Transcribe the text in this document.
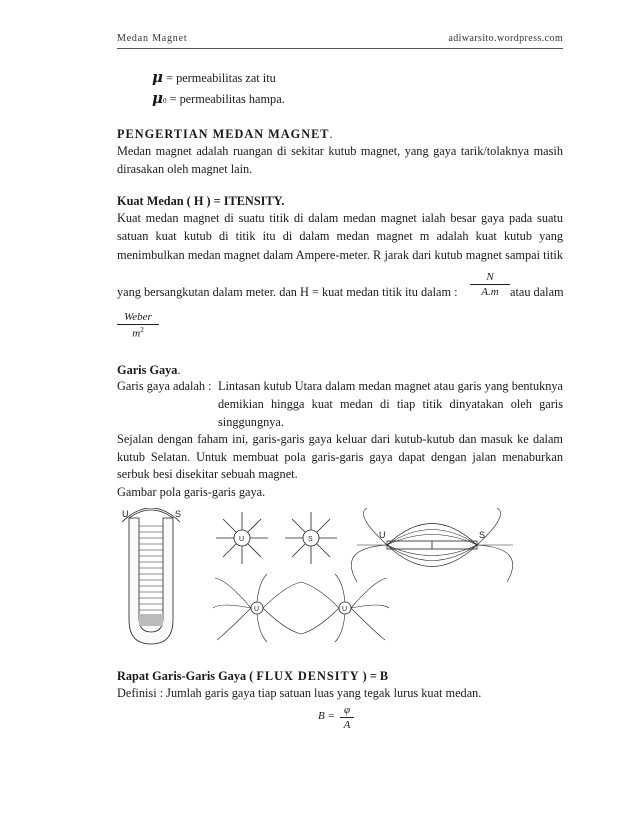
Medan Magnet	adiwarsito.wordpress.com
μ = permeabilitas zat itu
μ0 = permeabilitas hampa.
PENGERTIAN MEDAN MAGNET.
Medan magnet adalah ruangan di sekitar kutub magnet, yang gaya tarik/tolaknya masih
dirasakan oleh magnet lain.
Kuat Medan ( H ) = ITENSITY.
Kuat medan magnet di suatu titik di dalam medan magnet ialah besar gaya pada suatu
satuan kuat kutub di titik itu di dalam medan magnet m adalah kuat kutub yang
menimbulkan medan magnet dalam Ampere-meter. R jarak dari kutub magnet sampai titik
yang bersangkutan dalam meter. dan H = kuat medan titik itu dalam :
N
A.m atau dalam
Weber
$m^2$
Garis Gaya.
Garis gaya adalah : Lintasan kutub Utara dalam medan magnet atau garis yang bentuknya
demikian hingga kuat medan di tiap titik dinyatakan oleh garis
singgungnya.
Sejalan dengan faham ini, garis-garis gaya keluar dari kutub-kutub dan masuk ke dalam
kutub Selatan. Untuk membuat pola garis-garis gaya dapat dengan jalan menaburkan
serbuk besi disekitar sebuah magnet.
Gambar pola garis-garis gaya.
U	S
U	S	U	S
U	U
Rapat Garis-Garis Gaya ( FLUX DENSITY ) = B
Definisi : Jumlah garis gaya tiap satuan luas yang tegak lurus kuat medan.
B = φ
A
